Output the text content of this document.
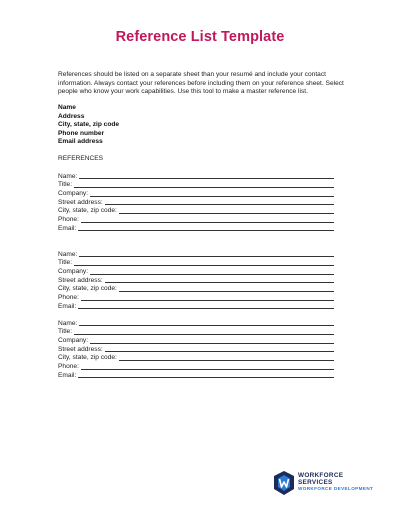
Reference List Template
References should be listed on a separate sheet than your resumé and include your contact information. Always contact your references before including them on your reference sheet. Select people who know your work capabilities. Use this tool to make a master reference list.
Name
Address
City, state, zip code
Phone number
Email address
REFERENCES
Name:
Title:
Company:
Street address:
City, state, zip code:
Phone:
Email:
Name:
Title:
Company:
Street address:
City, state, zip code:
Phone:
Email:
Name:
Title:
Company:
Street address:
City, state, zip code:
Phone:
Email:
WORKFORCE
SERVICES
WORKFORCE DEVELOPMENT
